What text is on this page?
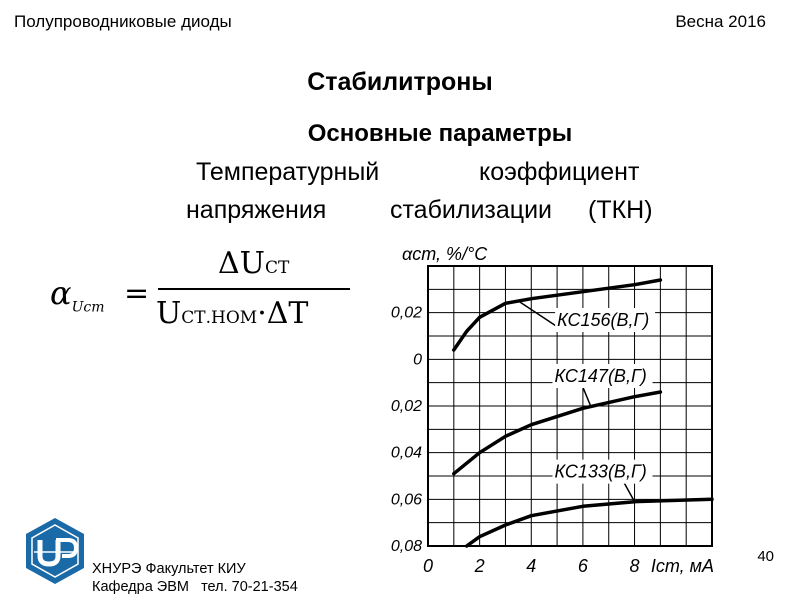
Полупроводниковые диоды	Весна 2016
Стабилитроны
Основные параметры
Температурный	коэффициент
напряжения	стабилизации (ТКН)
$\alpha_{Uст}$ =
ΔUСТ
UСТ.НОМ·ΔT	0,02
0
0,02
0,04
0,06
0,08
0 2 4 6 8
αст, %/°C
Iст, мА
КС156(В,Г)
КС147(В,Г)
КС133(В,Г)
ХНУРЭ Факультет КИУ
Кафедра ЭВМ тел. 70-21-354
40
